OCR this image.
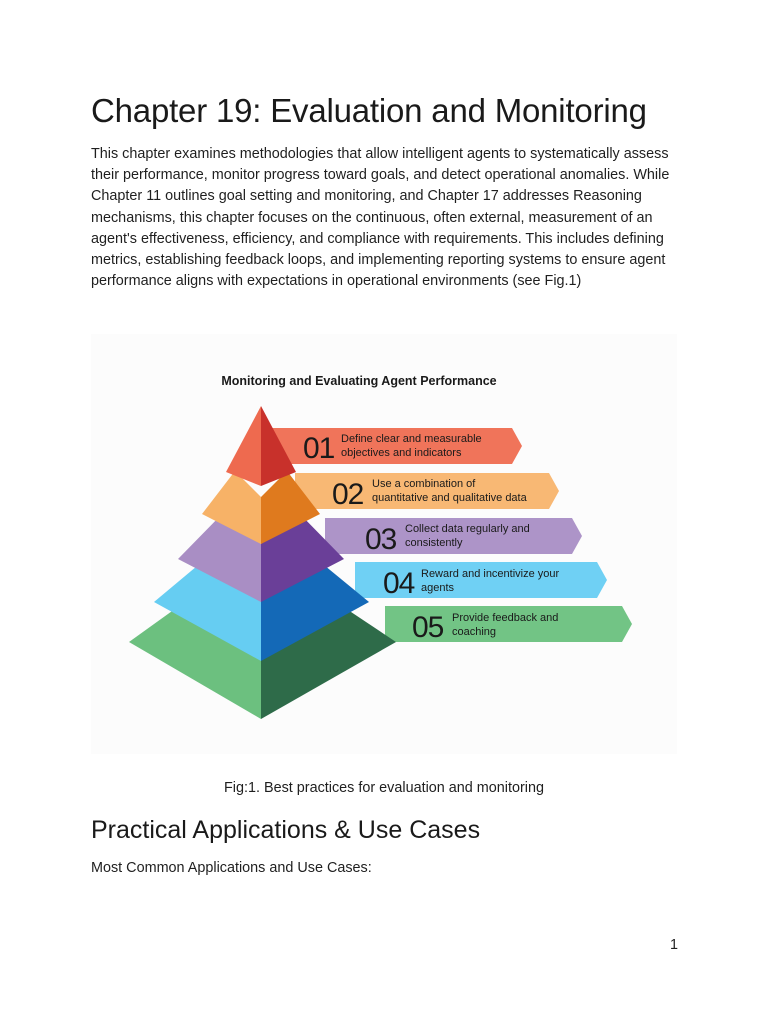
Chapter 19: Evaluation and Monitoring

This chapter examines methodologies that allow intelligent agents to systematically assess their performance, monitor progress toward goals, and detect operational anomalies. While Chapter 11 outlines goal setting and monitoring, and Chapter 17 addresses Reasoning mechanisms, this chapter focuses on the continuous, often external, measurement of an agent's effectiveness, efficiency, and compliance with requirements. This includes defining metrics, establishing feedback loops, and implementing reporting systems to ensure agent performance aligns with expectations in operational environments (see Fig.1)

Monitoring and Evaluating Agent Performance
01 Define clear and measurable
objectives and indicators
02 Use a combination of
quantitative and qualitative data
03 Collect data regularly and
consistently
04 Reward and incentivize your
agents
05 Provide feedback and
coaching

Fig:1. Best practices for evaluation and monitoring

Practical Applications & Use Cases

Most Common Applications and Use Cases:

1
